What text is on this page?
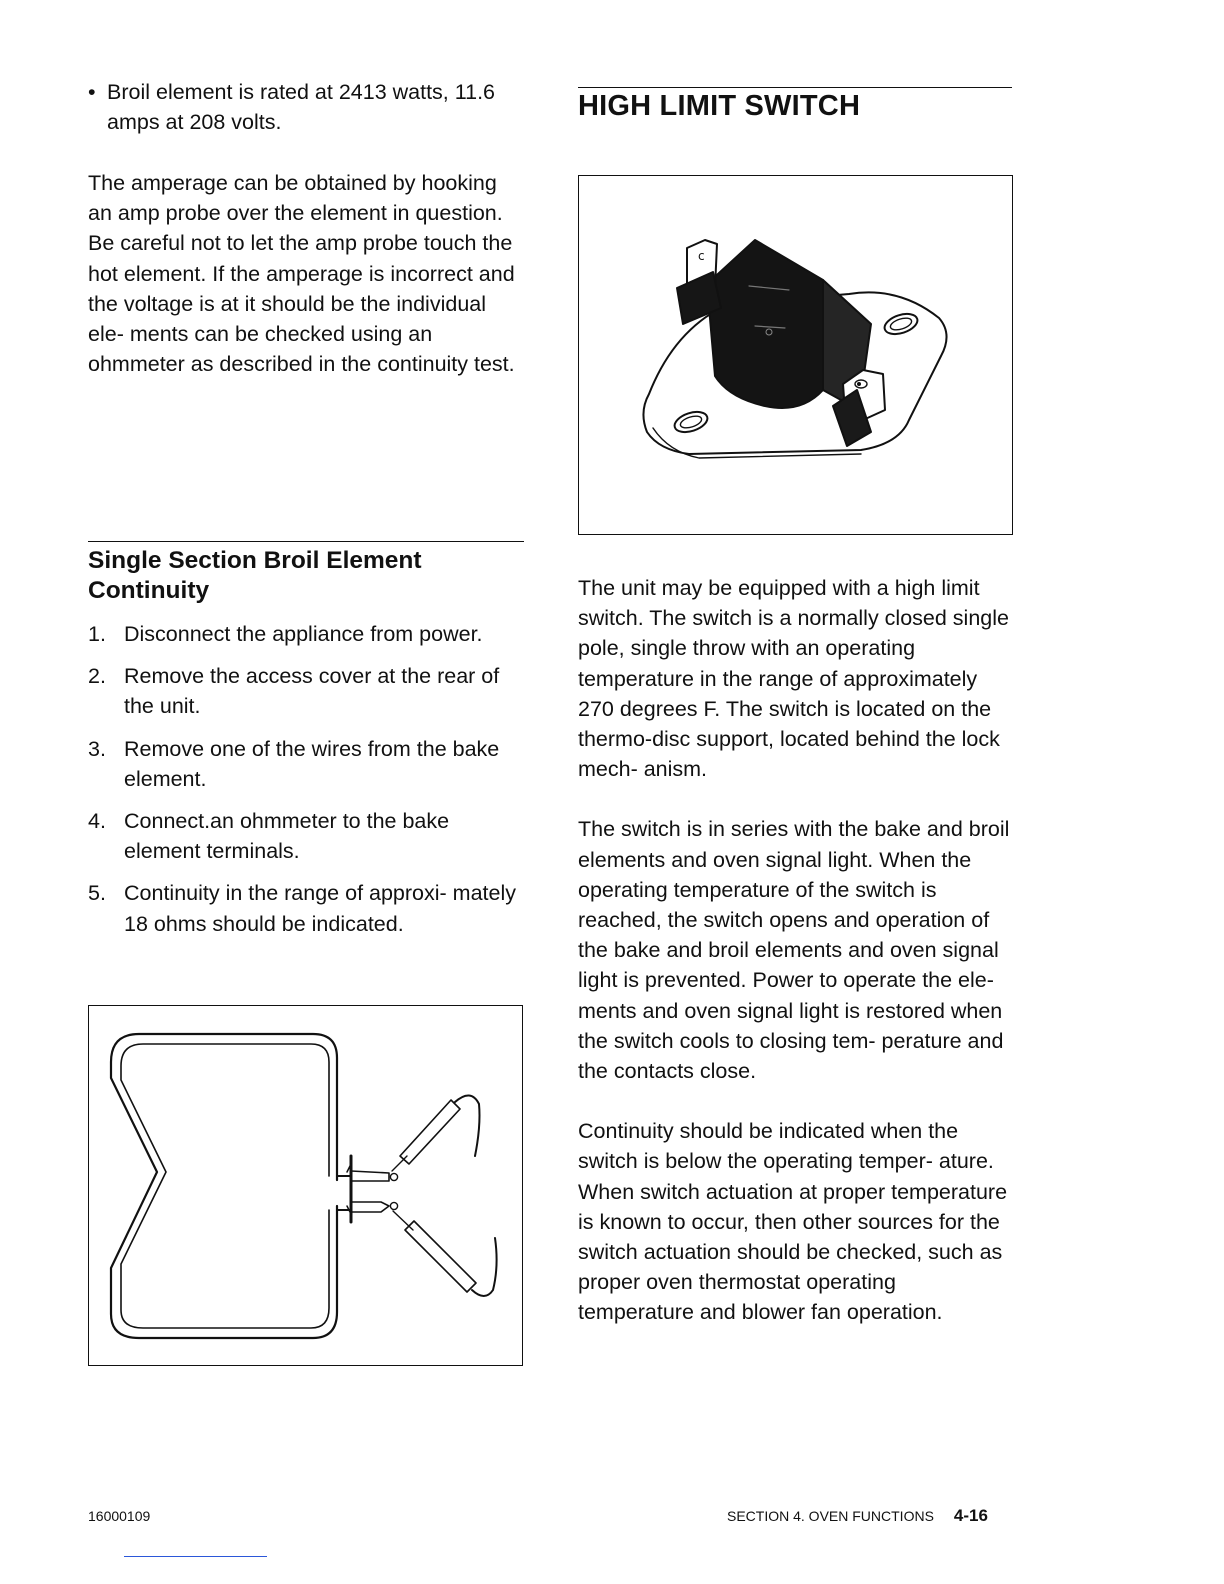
• Broil element is rated at 2413 watts, 11.6 amps at 208 volts.

The amperage can be obtained by hooking an amp probe over the element in question. Be careful not to let the amp probe touch the hot element. If the amperage is incorrect and the voltage is at it should be the individual ele- ments can be checked using an ohmmeter as described in the continuity test.

Single Section Broil Element Continuity
1. Disconnect the appliance from power.
2. Remove the access cover at the rear of the unit.
3. Remove one of the wires from the bake element.
4. Connect.an ohmmeter to the bake element terminals.
5. Continuity in the range of approxi- mately 18 ohms should be indicated.
HIGH LIMIT SWITCH
c

The unit may be equipped with a high limit switch. The switch is a normally closed single pole, single throw with an operating temperature in the range of approximately 270 degrees F. The switch is located on the thermo-disc support, located behind the lock mech- anism.

The switch is in series with the bake and broil elements and oven signal light. When the operating temperature of the switch is reached, the switch opens and operation of the bake and broil elements and oven signal light is prevented. Power to operate the ele- ments and oven signal light is restored when the switch cools to closing tem- perature and the contacts close.

Continuity should be indicated when the switch is below the operating temper- ature. When switch actuation at proper temperature is known to occur, then other sources for the switch actuation should be checked, such as proper oven thermostat operating temperature and blower fan operation.

16000109	SECTION 4. OVEN FUNCTIONS 4-16
